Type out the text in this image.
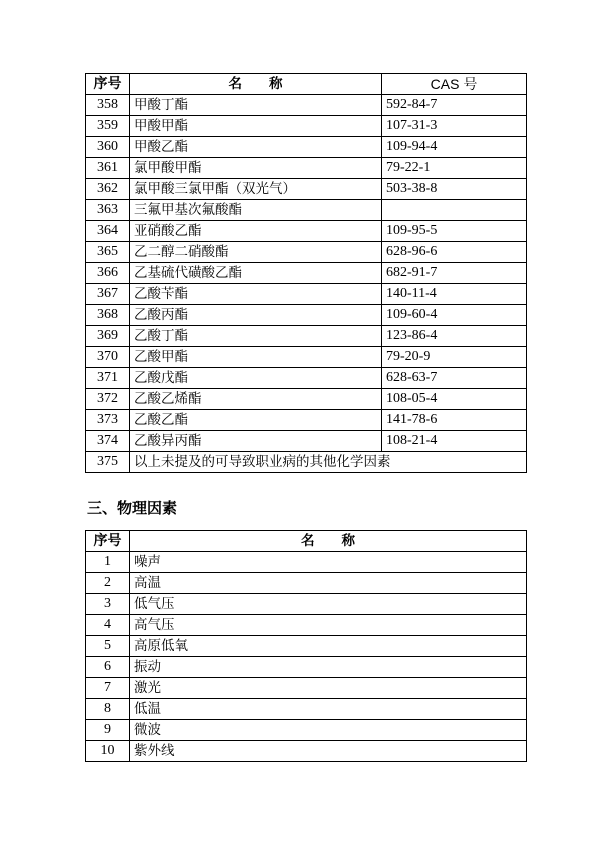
序号	名　　称	CAS 号
358	甲酸丁酯	592-84-7
359	甲酸甲酯	107-31-3
360	甲酸乙酯	109-94-4
361	氯甲酸甲酯	79-22-1
362	氯甲酸三氯甲酯（双光气）	503-38-8
363	三氟甲基次氟酸酯	
364	亚硝酸乙酯	109-95-5
365	乙二醇二硝酸酯	628-96-6
366	乙基硫代磺酸乙酯	682-91-7
367	乙酸苄酯	140-11-4
368	乙酸丙酯	109-60-4
369	乙酸丁酯	123-86-4
370	乙酸甲酯	79-20-9
371	乙酸戊酯	628-63-7
372	乙酸乙烯酯	108-05-4
373	乙酸乙酯	141-78-6
374	乙酸异丙酯	108-21-4
375	以上未提及的可导致职业病的其他化学因素	
三、物理因素
序号	名　　称
1	噪声
2	高温
3	低气压
4	高气压
5	高原低氧
6	振动
7	激光
8	低温
9	微波
10	紫外线
